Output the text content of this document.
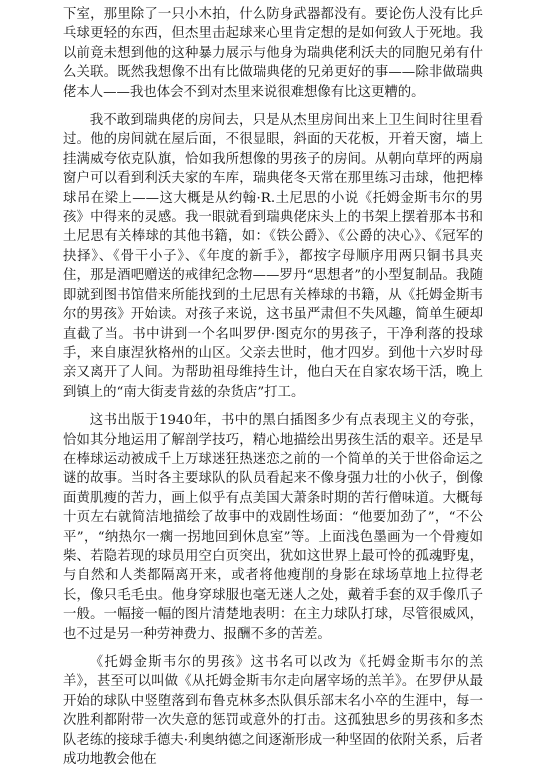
下室，那里除了一只小木拍，什么防身武器都没有。要论伤人没有比乒乓球更轻的东西，但杰里击起球来心里肯定想的是如何致人于死地。我以前竟未想到他的这种暴力展示与他身为瑞典佬利沃夫的同胞兄弟有什么关联。既然我想像不出有比做瑞典佬的兄弟更好的事——除非做瑞典佬本人——我也体会不到对杰里来说很难想像有比这更糟的。

我不敢到瑞典佬的房间去，只是从杰里房间出来上卫生间时往里看过。他的房间就在屋后面，不很显眼，斜面的天花板，开着天窗，墙上挂满威夸依克队旗，恰如我所想像的男孩子的房间。从朝向草坪的两扇窗户可以看到利沃夫家的车库，瑞典佬冬天常在那里练习击球，他把棒球吊在梁上——这大概是从约翰·R.土尼思的小说《托姆金斯韦尔的男孩》中得来的灵感。我一眼就看到瑞典佬床头上的书架上摆着那本书和土尼思有关棒球的其他书籍，如：《铁公爵》、《公爵的决心》、《冠军的抉择》、《骨干小子》、《年度的新手》，都按字母顺序用两只铜书具夹住，那是酒吧赠送的戒律纪念物——罗丹“思想者”的小型复制品。我随即就到图书馆借来所能找到的土尼思有关棒球的书籍，从《托姆金斯韦尔的男孩》开始读。对孩子来说，这书虽严肃但不失风趣，简单生硬却直截了当。书中讲到一个名叫罗伊·图克尔的男孩子，干净利落的投球手，来自康涅狄格州的山区。父亲去世时，他才四岁。到他十六岁时母亲又离开了人间。为帮助祖母维持生计，他白天在自家农场干活，晚上到镇上的“南大街麦肯兹的杂货店”打工。

这书出版于1940年，书中的黑白插图多少有点表现主义的夸张，恰如其分地运用了解剖学技巧，精心地描绘出男孩生活的艰辛。还是早在棒球运动被成千上万球迷狂热迷恋之前的一个简单的关于世俗命运之谜的故事。当时各主要球队的队员看起来不像身强力壮的小伙子，倒像面黄肌瘦的苦力，画上似乎有点美国大萧条时期的苦行僧味道。大概每十页左右就简洁地描绘了故事中的戏剧性场面：“他要加劲了”，“不公平”，“纳热尔一瘸一拐地回到休息室”等。上面浅色墨画为一个骨瘦如柴、若隐若现的球员用空白页突出，犹如这世界上最可怜的孤魂野鬼，与自然和人类都隔离开来，或者将他瘦削的身影在球场草地上拉得老长，像只毛毛虫。他身穿球服也毫无迷人之处，戴着手套的双手像爪子一般。一幅接一幅的图片清楚地表明：在主力球队打球，尽管很威风，也不过是另一种劳神费力、报酬不多的苦差。

《托姆金斯韦尔的男孩》这书名可以改为《托姆金斯韦尔的羔羊》，甚至可以叫做《从托姆金斯韦尔走向屠宰场的羔羊》。在罗伊从最开始的球队中竖堕落到布鲁克林多杰队俱乐部末名小卒的生涯中，每一次胜利都附带一次失意的惩罚或意外的打击。这孤独思乡的男孩和多杰队老练的接球手德夫·利奥纳德之间逐渐形成一种坚固的依附关系，后者成功地教会他在
